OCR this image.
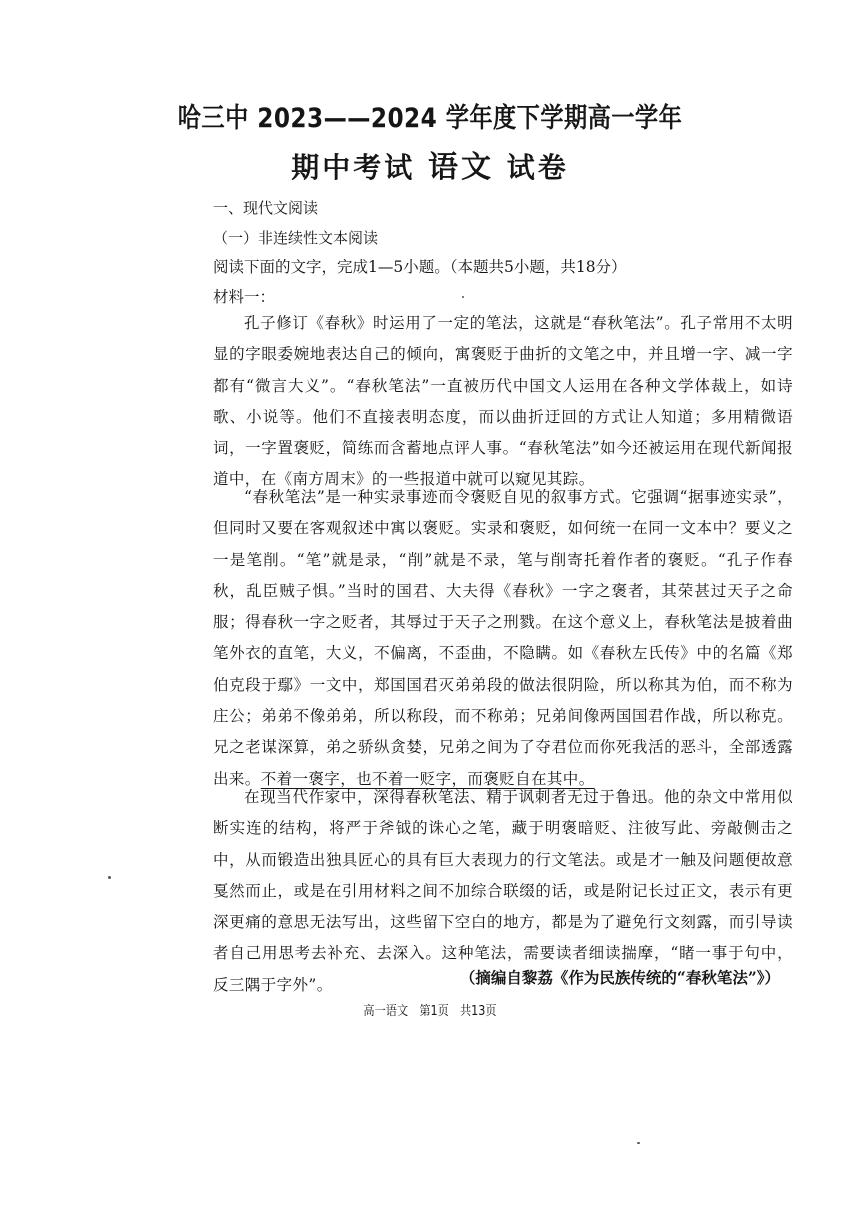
哈三中 2023——2024 学年度下学期高一学年
期中考试 语文 试卷
一、现代文阅读
（一）非连续性文本阅读
阅读下面的文字，完成1—5小题。（本题共5小题，共18分）
材料一：

孔子修订《春秋》时运用了一定的笔法，这就是“春秋笔法”。孔子常用不太明显的字眼委婉地表达自己的倾向，寓褒贬于曲折的文笔之中，并且增一字、减一字都有“微言大义”。“春秋笔法”一直被历代中国文人运用在各种文学体裁上，如诗歌、小说等。他们不直接表明态度，而以曲折迂回的方式让人知道；多用精微语词，一字置褒贬，简练而含蓄地点评人事。“春秋笔法”如今还被运用在现代新闻报道中，在《南方周末》的一些报道中就可以窥见其踪。

“春秋笔法”是一种实录事迹而令褒贬自见的叙事方式。它强调“据事迹实录”，但同时又要在客观叙述中寓以褒贬。实录和褒贬，如何统一在同一文本中？要义之一是笔削。“笔”就是录，“削”就是不录，笔与削寄托着作者的褒贬。“孔子作春秋，乱臣贼子惧。”当时的国君、大夫得《春秋》一字之褒者，其荣甚过天子之命服；得春秋一字之贬者，其辱过于天子之刑戮。在这个意义上，春秋笔法是披着曲笔外衣的直笔，大义，不偏离，不歪曲，不隐瞒。如《春秋左氏传》中的名篇《郑伯克段于鄢》一文中，郑国国君灭弟弟段的做法很阴险，所以称其为伯，而不称为庄公；弟弟不像弟弟，所以称段，而不称弟；兄弟间像两国国君作战，所以称克。兄之老谋深算，弟之骄纵贪婪，兄弟之间为了夺君位而你死我活的恶斗，全部透露出来。不着一褒字，也不着一贬字，而褒贬自在其中。

在现当代作家中，深得春秋笔法、精于讽刺者无过于鲁迅。他的杂文中常用似断实连的结构，将严于斧钺的诛心之笔，藏于明褒暗贬、注彼写此、旁敲侧击之中，从而锻造出独具匠心的具有巨大表现力的行文笔法。或是才一触及问题便故意戛然而止，或是在引用材料之间不加综合联缀的话，或是附记长过正文，表示有更深更痛的意思无法写出，这些留下空白的地方，都是为了避免行文刻露，而引导读者自己用思考去补充、去深入。这种笔法，需要读者细读揣摩，“睹一事于句中，反三隅于字外”。	（摘编自黎荔《作为民族传统的“春秋笔法”》）
高一语文　第1页　共13页
